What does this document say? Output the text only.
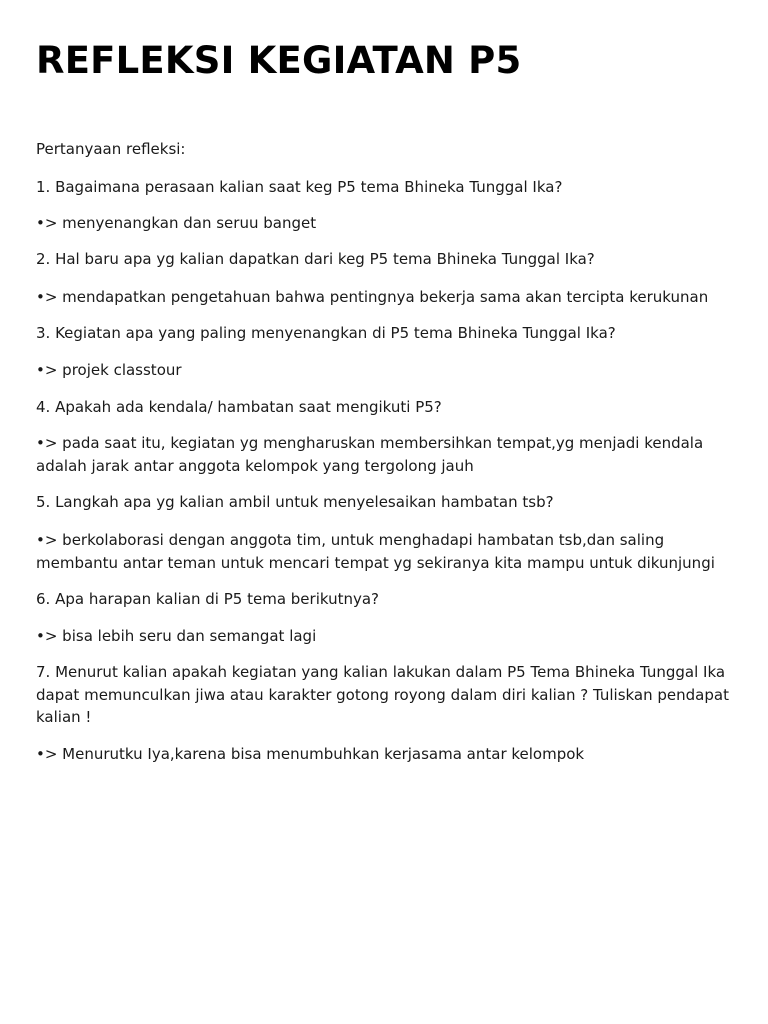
REFLEKSI KEGIATAN P5

Pertanyaan refleksi:

1. Bagaimana perasaan kalian saat keg P5 tema Bhineka Tunggal Ika?

•> menyenangkan dan seruu banget

2. Hal baru apa yg kalian dapatkan dari keg P5 tema Bhineka Tunggal Ika?

•> mendapatkan pengetahuan bahwa pentingnya bekerja sama akan tercipta kerukunan

3. Kegiatan apa yang paling menyenangkan di P5 tema Bhineka Tunggal Ika?

•> projek classtour

4. Apakah ada kendala/ hambatan saat mengikuti P5?

•> pada saat itu, kegiatan yg mengharuskan membersihkan tempat,yg menjadi kendala adalah jarak antar anggota kelompok yang tergolong jauh

5. Langkah apa yg kalian ambil untuk menyelesaikan hambatan tsb?

•> berkolaborasi dengan anggota tim, untuk menghadapi hambatan tsb,dan saling membantu antar teman untuk mencari tempat yg sekiranya kita mampu untuk dikunjungi

6. Apa harapan kalian di P5 tema berikutnya?

•> bisa lebih seru dan semangat lagi

7. Menurut kalian apakah kegiatan yang kalian lakukan dalam P5 Tema Bhineka Tunggal Ika dapat memunculkan jiwa atau karakter gotong royong dalam diri kalian ? Tuliskan pendapat kalian !

•> Menurutku Iya,karena bisa menumbuhkan kerjasama antar kelompok
